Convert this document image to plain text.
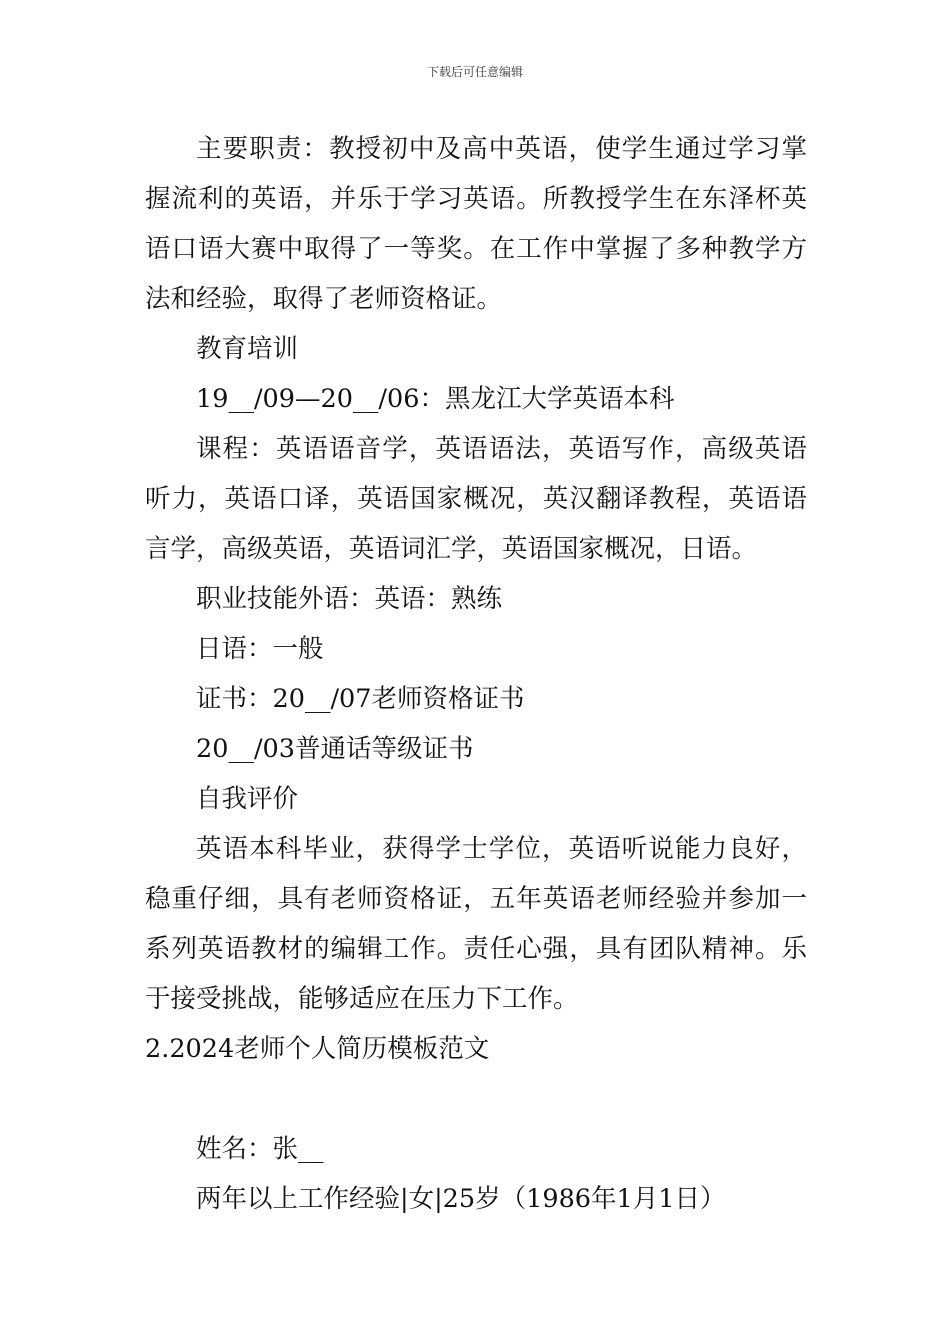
下载后可任意编辑

主要职责：教授初中及高中英语，使学生通过学习掌握流利的英语，并乐于学习英语。所教授学生在东泽杯英语口语大赛中取得了一等奖。在工作中掌握了多种教学方法和经验，取得了老师资格证。

教育培训

19__/09—20__/06：黑龙江大学英语本科

课程：英语语音学，英语语法，英语写作，高级英语听力，英语口译，英语国家概况，英汉翻译教程，英语语言学，高级英语，英语词汇学，英语国家概况，日语。

职业技能外语：英语：熟练

日语：一般

证书：20__/07老师资格证书

20__/03普通话等级证书

自我评价

英语本科毕业，获得学士学位，英语听说能力良好，稳重仔细，具有老师资格证，五年英语老师经验并参加一系列英语教材的编辑工作。责任心强，具有团队精神。乐于接受挑战，能够适应在压力下工作。

2.2024老师个人简历模板范文

姓名：张__

两年以上工作经验|女|25岁（1986年1月1日）
